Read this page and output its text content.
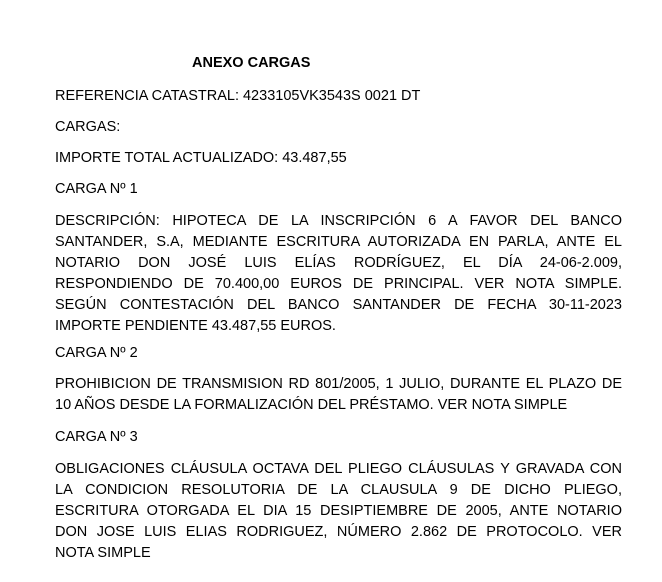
ANEXO CARGAS
REFERENCIA CATASTRAL: 4233105VK3543S 0021 DT
CARGAS:
IMPORTE TOTAL ACTUALIZADO: 43.487,55
CARGA Nº 1
DESCRIPCIÓN: HIPOTECA DE LA INSCRIPCIÓN 6 A FAVOR DEL BANCO
SANTANDER, S.A, MEDIANTE ESCRITURA AUTORIZADA EN PARLA, ANTE EL
NOTARIO DON JOSÉ LUIS ELÍAS RODRÍGUEZ, EL DÍA 24-06-2.009,
RESPONDIENDO DE 70.400,00 EUROS DE PRINCIPAL. VER NOTA SIMPLE.
SEGÚN CONTESTACIÓN DEL BANCO SANTANDER DE FECHA 30-11-2023
IMPORTE PENDIENTE 43.487,55 EUROS.
CARGA Nº 2
PROHIBICION DE TRANSMISION RD 801/2005, 1 JULIO, DURANTE EL PLAZO DE
10 AÑOS DESDE LA FORMALIZACIÓN DEL PRÉSTAMO. VER NOTA SIMPLE
CARGA Nº 3
OBLIGACIONES CLÁUSULA OCTAVA DEL PLIEGO CLÁUSULAS Y GRAVADA CON
LA CONDICION RESOLUTORIA DE LA CLAUSULA 9 DE DICHO PLIEGO,
ESCRITURA OTORGADA EL DIA 15 DESIPTIEMBRE DE 2005, ANTE NOTARIO
DON JOSE LUIS ELIAS RODRIGUEZ, NÚMERO 2.862 DE PROTOCOLO. VER
NOTA SIMPLE
